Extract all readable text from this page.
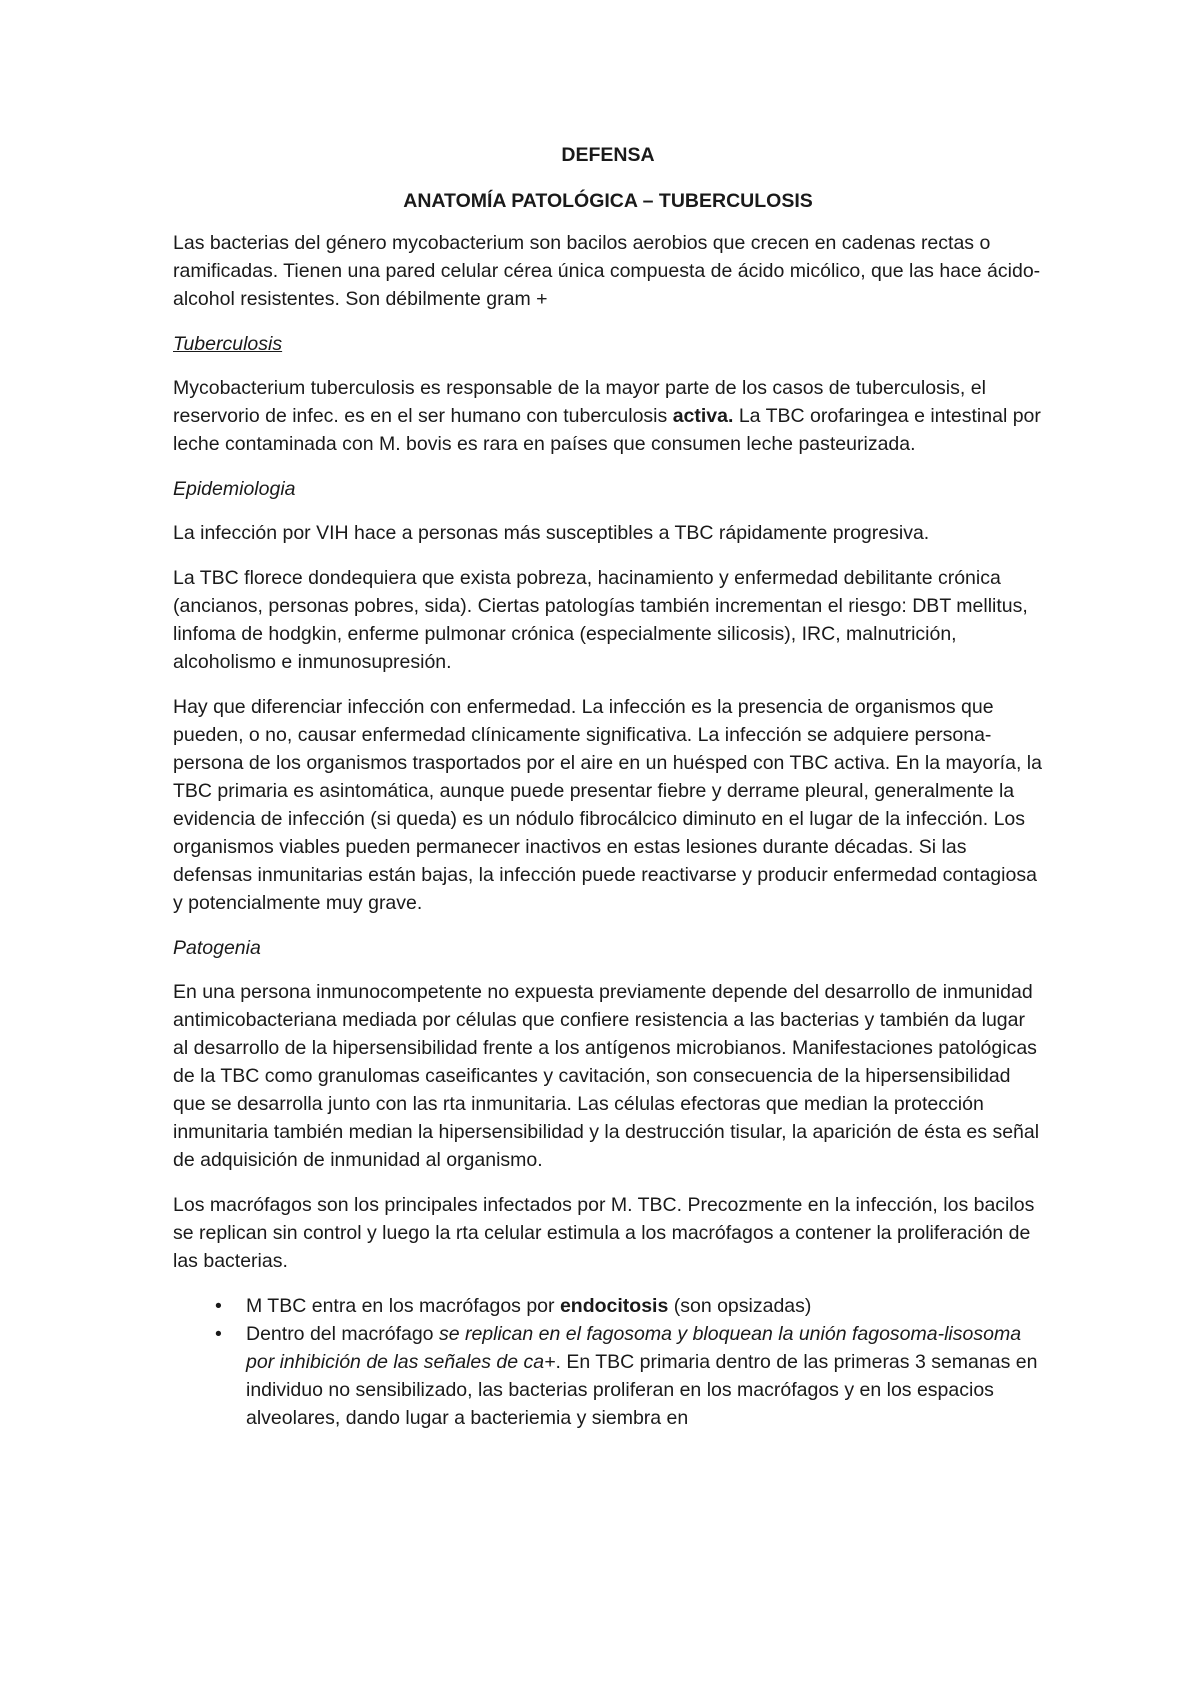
DEFENSA
ANATOMÍA PATOLÓGICA – TUBERCULOSIS

Las bacterias del género mycobacterium son bacilos aerobios que crecen en cadenas rectas o ramificadas. Tienen una pared celular cérea única compuesta de ácido micólico, que las hace ácido-alcohol resistentes. Son débilmente gram +

Tuberculosis

Mycobacterium tuberculosis es responsable de la mayor parte de los casos de tuberculosis, el reservorio de infec. es en el ser humano con tuberculosis activa. La TBC orofaringea e intestinal por leche contaminada con M. bovis es rara en países que consumen leche pasteurizada.

Epidemiologia

La infección por VIH hace a personas más susceptibles a TBC rápidamente progresiva.

La TBC florece dondequiera que exista pobreza, hacinamiento y enfermedad debilitante crónica (ancianos, personas pobres, sida). Ciertas patologías también incrementan el riesgo: DBT mellitus, linfoma de hodgkin, enferme pulmonar crónica (especialmente silicosis), IRC, malnutrición, alcoholismo e inmunosupresión.

Hay que diferenciar infección con enfermedad. La infección es la presencia de organismos que pueden, o no, causar enfermedad clínicamente significativa. La infección se adquiere persona-persona de los organismos trasportados por el aire en un huésped con TBC activa. En la mayoría, la TBC primaria es asintomática, aunque puede presentar fiebre y derrame pleural, generalmente la evidencia de infección (si queda) es un nódulo fibrocálcico diminuto en el lugar de la infección. Los organismos viables pueden permanecer inactivos en estas lesiones durante décadas. Si las defensas inmunitarias están bajas, la infección puede reactivarse y producir enfermedad contagiosa y potencialmente muy grave.

Patogenia

En una persona inmunocompetente no expuesta previamente depende del desarrollo de inmunidad antimicobacteriana mediada por células que confiere resistencia a las bacterias y también da lugar al desarrollo de la hipersensibilidad frente a los antígenos microbianos. Manifestaciones patológicas de la TBC como granulomas caseificantes y cavitación, son consecuencia de la hipersensibilidad que se desarrolla junto con las rta inmunitaria. Las células efectoras que median la protección inmunitaria también median la hipersensibilidad y la destrucción tisular, la aparición de ésta es señal de adquisición de inmunidad al organismo.

Los macrófagos son los principales infectados por M. TBC. Precozmente en la infección, los bacilos se replican sin control y luego la rta celular estimula a los macrófagos a contener la proliferación de las bacterias.

• M TBC entra en los macrófagos por endocitosis (son opsizadas)
• Dentro del macrófago se replican en el fagosoma y bloquean la unión fagosoma-lisosoma por inhibición de las señales de ca+. En TBC primaria dentro de las primeras 3 semanas en individuo no sensibilizado, las bacterias proliferan en los macrófagos y en los espacios alveolares, dando lugar a bacteriemia y siembra en
